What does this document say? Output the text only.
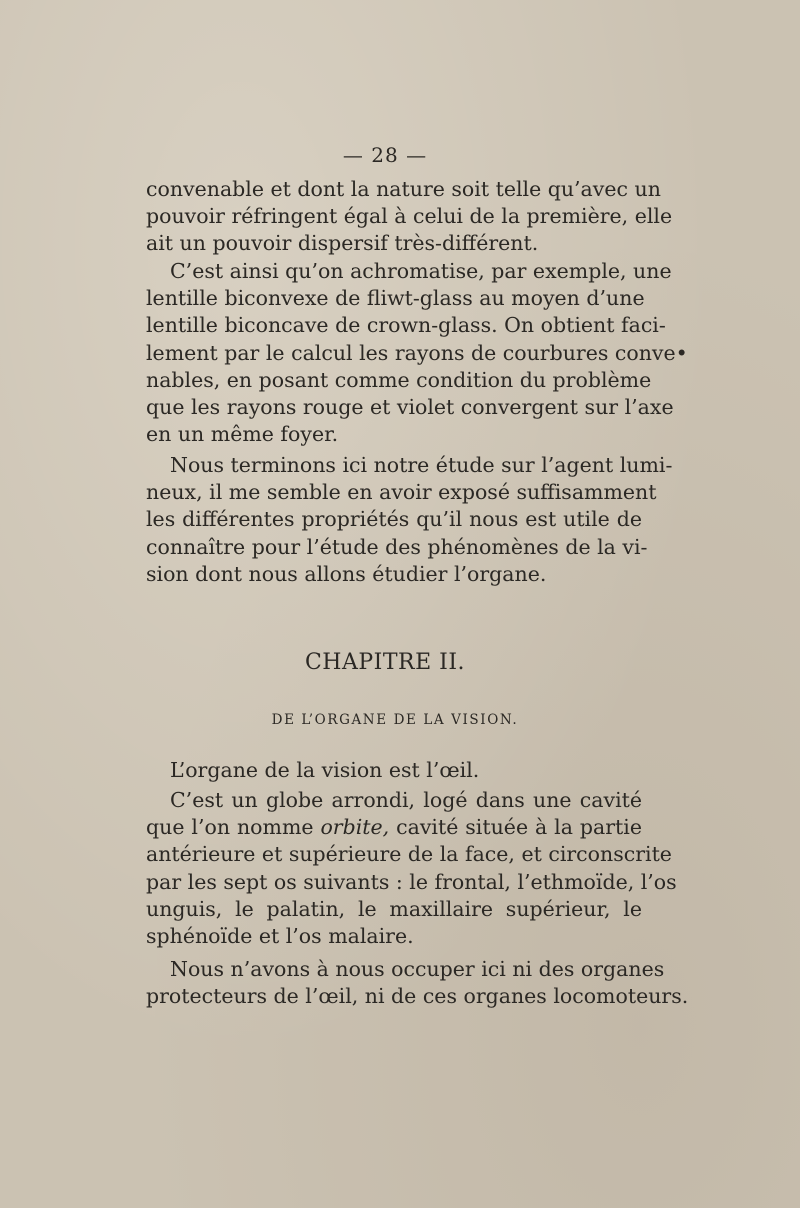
— 28 —
convenable et dont la nature soit telle qu’avec un
pouvoir réfringent égal à celui de la première, elle
ait un pouvoir dispersif très-différent.
C’est ainsi qu’on achromatise, par exemple, une
lentille biconvexe de fliwt-glass au moyen d’une
lentille biconcave de crown-glass. On obtient faci-
lement par le calcul les rayons de courbures conve•
nables, en posant comme condition du problème
que les rayons rouge et violet convergent sur l’axe
en un même foyer.
Nous terminons ici notre étude sur l’agent lumi-
neux, il me semble en avoir exposé suffisamment
les différentes propriétés qu’il nous est utile de
connaître pour l’étude des phénomènes de la vi-
sion dont nous allons étudier l’organe.
CHAPITRE II.
DE L’ORGANE DE LA VISION.
L’organe de la vision est l’œil.
C’est un globe arrondi, logé dans une cavité
que l’on nomme orbite, cavité située à la partie
antérieure et supérieure de la face, et circonscrite
par les sept os suivants : le frontal, l’ethmoïde, l’os
unguis, le palatin, le maxillaire supérieur, le
sphénoïde et l’os malaire.
Nous n’avons à nous occuper ici ni des organes
protecteurs de l’œil, ni de ces organes locomoteurs.
